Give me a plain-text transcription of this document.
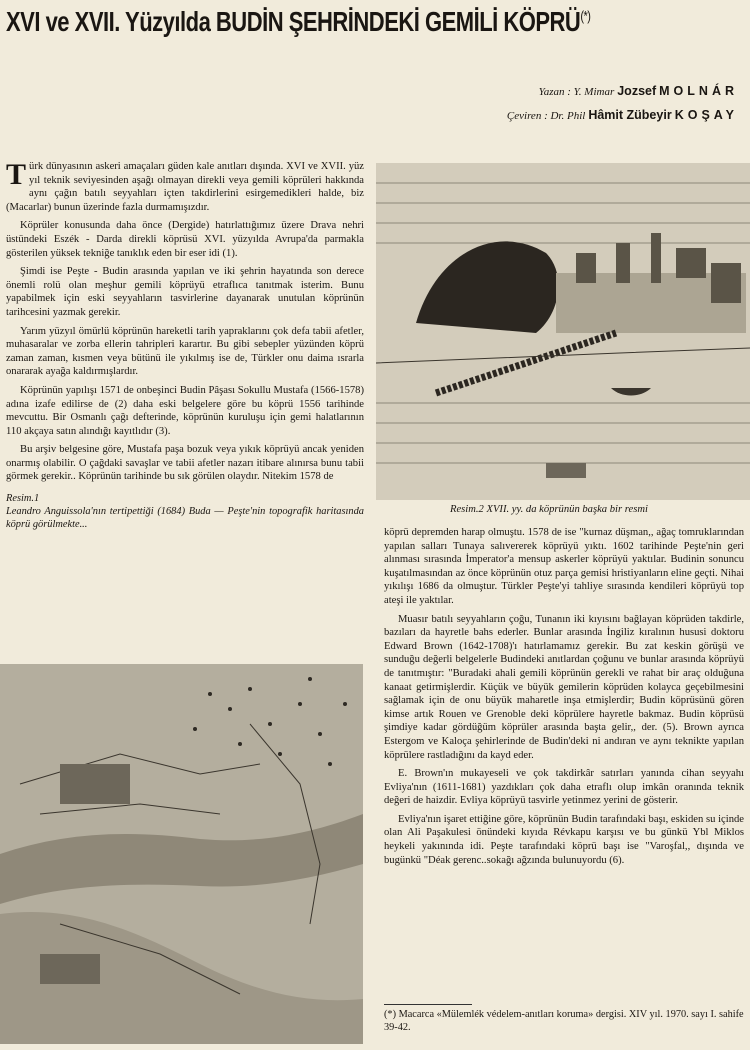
XVI ve XVII. Yüzyılda BUDİN ŞEHRİNDEKİ GEMİLİ KÖPRÜ(*)
Yazan : Y. Mimar Jozsef MOLNÁR
Çeviren : Dr. Phil Hâmit Zübeyir KOŞAY

Türk dünyasının askeri amaçaları güden kale anıtları dışında. XVI ve XVII. yüz yıl teknik seviyesinden aşağı olmayan direkli veya gemili köprüleri hakkında aynı çağın batılı seyyahları içten takdirlerini esirgemedikleri halde, biz (Macarlar) bunun üzerinde fazla durmamışızdır.

Köprüler konusunda daha önce (Dergide) hatırlattığımız üzere Drava nehri üstündeki Eszék - Darda direkli köprüsü XVI. yüzyılda Avrupa'da parmakla gösterilen yüksek tekniğe tanıklık eden bir eser idi (1).

Şimdi ise Peşte - Budin arasında yapılan ve iki şehrin hayatında son derece önemli rolü olan meşhur gemili köprüyü etraflıca tanıtmak isterim. Bunu yapabilmek için eski seyyahların tasvirlerine dayanarak unutulan köprünün tarihcesini yazmak gerekir.

Yarım yüzyıl ömürlü köprünün hareketli tarih yapraklarını çok defa tabii afetler, muhasaralar ve zorba ellerin tahripleri karartır. Bu gibi sebepler yüzünden köprü zaman zaman, kısmen veya bütünü ile yıkılmış ise de, Türkler onu daima ısrarla onararak ayağa kaldırmışlardır.

Köprünün yapılışı 1571 de onbeşinci Budin Pâşası Sokullu Mustafa (1566-1578) adına izafe edilirse de (2) daha eski belgelere göre bu köprü 1556 tarihinde mevcuttu. Bir Osmanlı çağı defterinde, köprünün kuruluşu için gemi halatlarının 110 akçaya satın alındığı kayıtlıdır (3).

Bu arşiv belgesine göre, Mustafa paşa bozuk veya yıkık köprüyü ancak yeniden onarmış olabilir. O çağdaki savaşlar ve tabii afetler nazarı itibare alınırsa bunu tabii görmek gerekir.. Köprünün tarihinde bu sık görülen olaydır. Nitekim 1578 de

Resim.1
Leandro Anguissola'nın tertipettiği (1684) Buda — Peşte'nin topografik haritasında köprü görülmekte...
Resim.2 XVII. yy. da köprünün başka bir resmi

köprü depremden harap olmuştu. 1578 de ise "kurnaz düşman,, ağaç tomruklarından yapılan salları Tunaya salıvererek köprüyü yıktı. 1602 tarihinde Peşte'nin geri alınması sırasında İmperator'a mensup askerler köprüyü yaktılar. Budinin sonuncu kuşatılmasından az önce köprünün otuz parça gemisi hristiyanların eline geçti. Nihai yıkılışı 1686 da olmuştur. Türkler Peşte'yi tahliye sırasında kendileri köprüyü top ateşi ile yaktılar.

Muasır batılı seyyahların çoğu, Tunanın iki kıyısını bağlayan köprüden takdirle, bazıları da hayretle bahs ederler. Bunlar arasında İngiliz kıralının hususi doktoru Edward Brown (1642-1708)'ı hatırlamamız gerekir. Bu zat keskin görüşü ve sunduğu değerli belgelerle Budindeki anıtlardan çoğunu ve bunlar arasında köprüyü de tanıtmıştır: "Buradaki ahali gemili köprünün gerekli ve rahat bir araç olduğuna kanaat getirmişlerdir. Küçük ve büyük gemilerin köprüden kolayca geçebilmesini sağlamak için de onu büyük maharetle inşa etmişlerdir; Budin köprüsünü gören kimse artık Rouen ve Grenoble deki köprülere hayretle bakmaz. Budin köprüsü şimdiye kadar gördüğüm köprüler arasında başta gelir,, der. (5). Brown ayrıca Estergom ve Kaloça şehirlerinde de Budin'deki ni andıran ve aynı teknikte yapılan köprülere rastladığını da kayd eder.

E. Brown'ın mukayeseli ve çok takdirkâr satırları yanında cihan seyyahı Evliya'nın (1611-1681) yazdıkları çok daha etraflı olup imkân oranında teknik değeri de haizdir. Evliya köprüyü tasvirle yetinmez yerini de gösterir.

Evliya'nın işaret ettiğine göre, köprünün Budin tarafındaki başı, eskiden su içinde olan Ali Paşakulesi önündeki kıyıda Révkapu karşısı ve bu günkü Ybl Miklos heykeli yakınında idi. Peşte tarafındaki köprü başı ise "Varoşfal,, dışında ve bugünkü "Déak gerenc..sokağı ağzında bulunuyordu (6).

(*) Macarca «Mülemlék védelem-anıtları koruma» dergisi. XIV yıl. 1970. sayı I. sahife 39-42.
